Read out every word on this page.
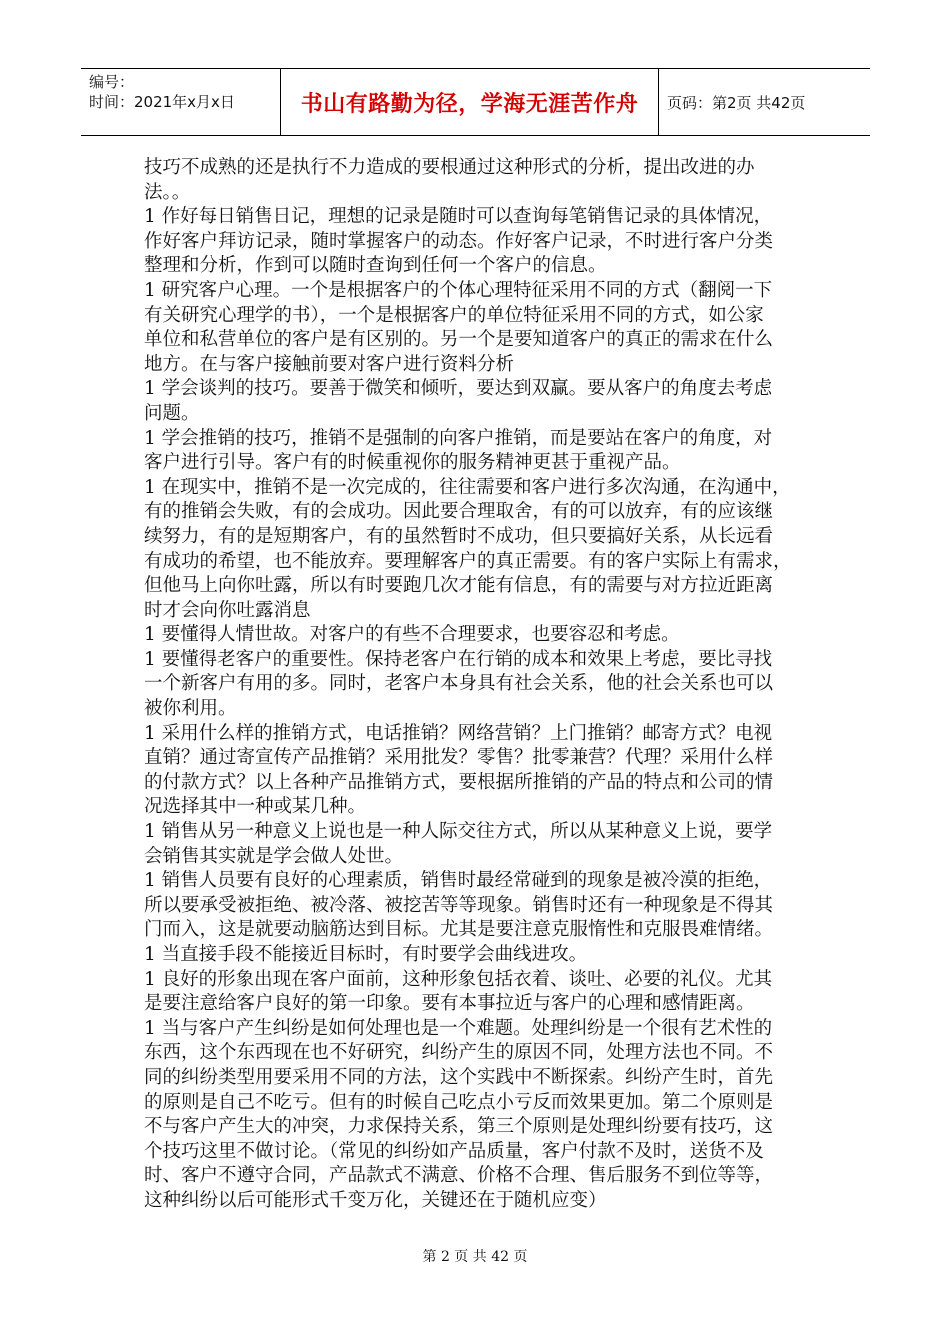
编号：
时间：2021年x月x日	书山有路勤为径，学海无涯苦作舟 页码：第2页 共42页
技巧不成熟的还是执行不力造成的要根通过这种形式的分析，提出改进的办
法。。
1 作好每日销售日记，理想的记录是随时可以查询每笔销售记录的具体情况，
作好客户拜访记录，随时掌握客户的动态。作好客户记录，不时进行客户分类
整理和分析，作到可以随时查询到任何一个客户的信息。
1 研究客户心理。一个是根据客户的个体心理特征采用不同的方式（翻阅一下
有关研究心理学的书），一个是根据客户的单位特征采用不同的方式，如公家
单位和私营单位的客户是有区别的。另一个是要知道客户的真正的需求在什么
地方。在与客户接触前要对客户进行资料分析
1 学会谈判的技巧。要善于微笑和倾听，要达到双赢。要从客户的角度去考虑
问题。
1 学会推销的技巧，推销不是强制的向客户推销，而是要站在客户的角度，对
客户进行引导。客户有的时候重视你的服务精神更甚于重视产品。
1 在现实中，推销不是一次完成的，往往需要和客户进行多次沟通，在沟通中，
有的推销会失败，有的会成功。因此要合理取舍，有的可以放弃，有的应该继
续努力，有的是短期客户，有的虽然暂时不成功，但只要搞好关系，从长远看
有成功的希望，也不能放弃。要理解客户的真正需要。有的客户实际上有需求，
但他马上向你吐露，所以有时要跑几次才能有信息，有的需要与对方拉近距离
时才会向你吐露消息
1 要懂得人情世故。对客户的有些不合理要求，也要容忍和考虑。
1 要懂得老客户的重要性。保持老客户在行销的成本和效果上考虑，要比寻找
一个新客户有用的多。同时，老客户本身具有社会关系，他的社会关系也可以
被你利用。
1 采用什么样的推销方式，电话推销？网络营销？上门推销？邮寄方式？电视
直销？通过寄宣传产品推销？采用批发？零售？批零兼营？代理？采用什么样
的付款方式？以上各种产品推销方式，要根据所推销的产品的特点和公司的情
况选择其中一种或某几种。
1 销售从另一种意义上说也是一种人际交往方式，所以从某种意义上说，要学
会销售其实就是学会做人处世。
1 销售人员要有良好的心理素质，销售时最经常碰到的现象是被冷漠的拒绝，
所以要承受被拒绝、被冷落、被挖苦等等现象。销售时还有一种现象是不得其
门而入，这是就要动脑筋达到目标。尤其是要注意克服惰性和克服畏难情绪。
1 当直接手段不能接近目标时，有时要学会曲线进攻。
1 良好的形象出现在客户面前，这种形象包括衣着、谈吐、必要的礼仪。尤其
是要注意给客户良好的第一印象。要有本事拉近与客户的心理和感情距离。
1 当与客户产生纠纷是如何处理也是一个难题。处理纠纷是一个很有艺术性的
东西，这个东西现在也不好研究，纠纷产生的原因不同，处理方法也不同。不
同的纠纷类型用要采用不同的方法，这个实践中不断探索。纠纷产生时，首先
的原则是自己不吃亏。但有的时候自己吃点小亏反而效果更加。第二个原则是
不与客户产生大的冲突，力求保持关系，第三个原则是处理纠纷要有技巧，这
个技巧这里不做讨论。（常见的纠纷如产品质量，客户付款不及时，送货不及
时、客户不遵守合同，产品款式不满意、价格不合理、售后服务不到位等等，
这种纠纷以后可能形式千变万化，关键还在于随机应变）
第 2 页 共 42 页
